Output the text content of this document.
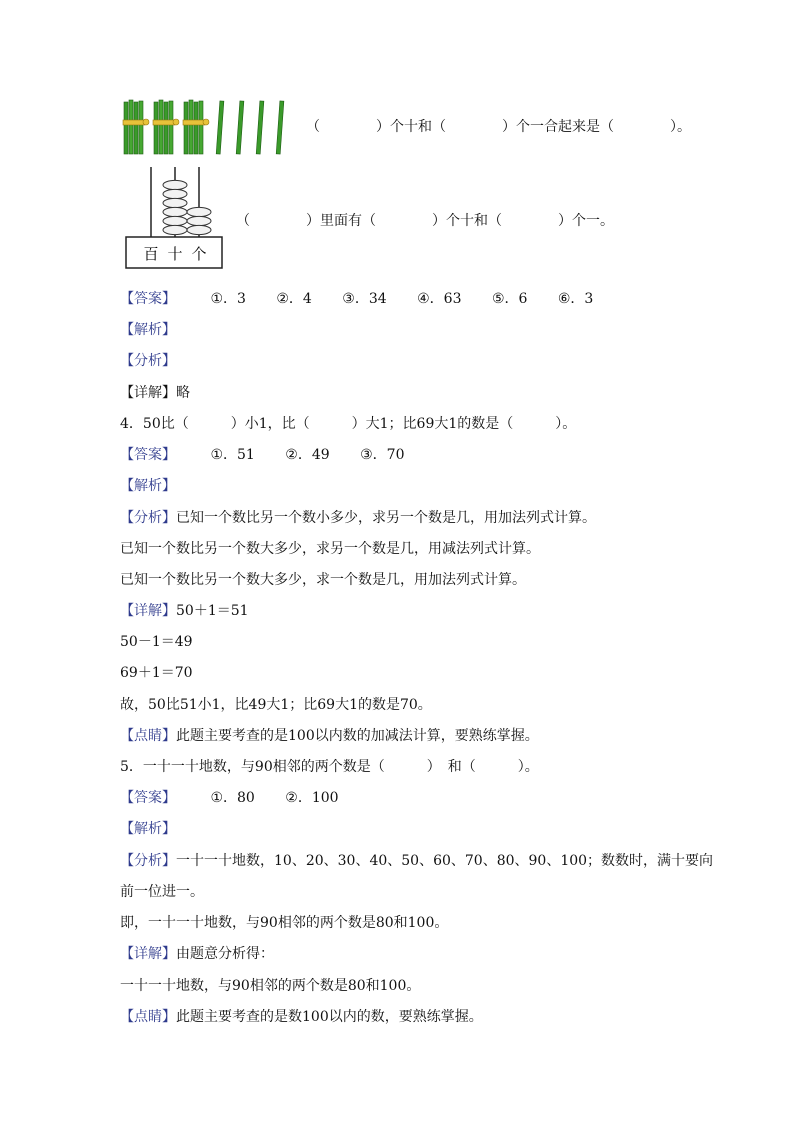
（　　　　）个十和（　　　　）个一合起来是（　　　　）。
百 十 个
（　　　　）里面有（　　　　）个十和（　　　　）个一。
【答案】 ①．3 ②．4 ③．34 ④．63 ⑤．6 ⑥．3
【解析】
【分析】
【详解】略
4．50比（　　　）小1，比（　　　）大1；比69大1的数是（　　　）。
【答案】 ①．51 ②．49 ③．70
【解析】
【分析】已知一个数比另一个数小多少，求另一个数是几，用加法列式计算。
已知一个数比另一个数大多少，求另一个数是几，用减法列式计算。
已知一个数比另一个数大多少，求一个数是几，用加法列式计算。
【详解】50＋1＝51
50－1＝49
69＋1＝70
故，50比51小1，比49大1；比69大1的数是70。
【点睛】此题主要考查的是100以内数的加减法计算，要熟练掌握。
5．一十一十地数，与90相邻的两个数是（　　　）　和（　　　）。
【答案】 ①．80 ②．100
【解析】
【分析】一十一十地数，10、20、30、40、50、60、70、80、90、100；数数时，满十要向
前一位进一。
即，一十一十地数，与90相邻的两个数是80和100。
【详解】由题意分析得：
一十一十地数，与90相邻的两个数是80和100。
【点睛】此题主要考查的是数100以内的数，要熟练掌握。
